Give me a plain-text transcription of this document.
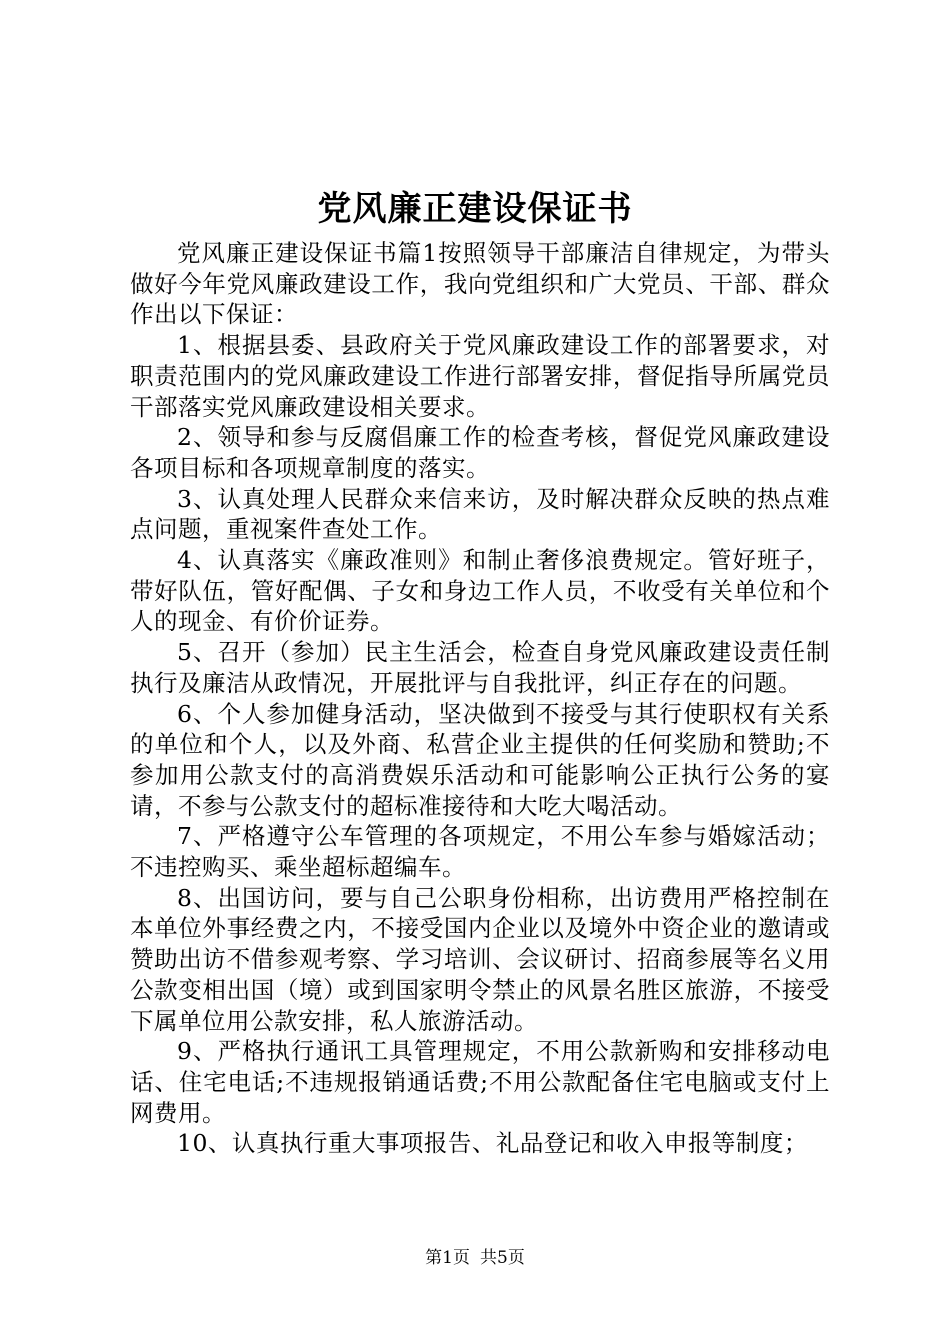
党风廉正建设保证书

党风廉正建设保证书篇1按照领导干部廉洁自律规定，为带头做好今年党风廉政建设工作，我向党组织和广大党员、干部、群众作出以下保证：

1、根据县委、县政府关于党风廉政建设工作的部署要求，对职责范围内的党风廉政建设工作进行部署安排，督促指导所属党员干部落实党风廉政建设相关要求。

2、领导和参与反腐倡廉工作的检查考核，督促党风廉政建设各项目标和各项规章制度的落实。

3、认真处理人民群众来信来访，及时解决群众反映的热点难点问题，重视案件查处工作。

4、认真落实《廉政准则》和制止奢侈浪费规定。管好班子，带好队伍，管好配偶、子女和身边工作人员，不收受有关单位和个人的现金、有价价证券。

5、召开（参加）民主生活会，检查自身党风廉政建设责任制执行及廉洁从政情况，开展批评与自我批评，纠正存在的问题。

6、个人参加健身活动，坚决做到不接受与其行使职权有关系的单位和个人，以及外商、私营企业主提供的任何奖励和赞助;不参加用公款支付的高消费娱乐活动和可能影响公正执行公务的宴请，不参与公款支付的超标准接待和大吃大喝活动。

7、严格遵守公车管理的各项规定，不用公车参与婚嫁活动；不违控购买、乘坐超标超编车。

8、出国访问，要与自己公职身份相称，出访费用严格控制在本单位外事经费之内，不接受国内企业以及境外中资企业的邀请或赞助出访不借参观考察、学习培训、会议研讨、招商参展等名义用公款变相出国（境）或到国家明令禁止的风景名胜区旅游，不接受下属单位用公款安排，私人旅游活动。

9、严格执行通讯工具管理规定，不用公款新购和安排移动电话、住宅电话;不违规报销通话费;不用公款配备住宅电脑或支付上网费用。

10、认真执行重大事项报告、礼品登记和收入申报等制度；

第1页 共5页
